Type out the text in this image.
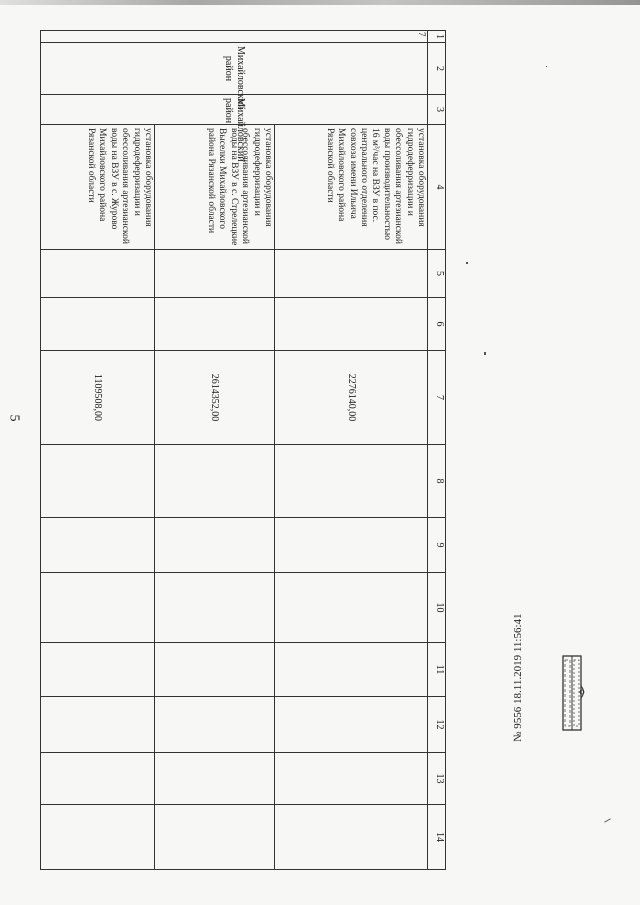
5
1	2	3	4	5	6	7	8	9	10	11	12	13	14

7	Михайловский район	Михайловский район	установка оборудования гидродеферризации и обессоливания артезианской воды производительностью 16 м³/час на ВЗУ в пос. центрального отделения совхоза имени Ильича Михайловского района Рязанской области			2276140,00							
			установка оборудования гидродеферризации и обессоливания артезианской воды на ВЗУ в с. Стрелецкие Выселки Михайловского района Рязанской области			2614352,00							
			установка оборудования гидродеферризации и обессоливания артезианской воды на ВЗУ в с. Журово Михайловского района Рязанской области			1109508,00							
№ 9556 18.11.2019 11:56:41
